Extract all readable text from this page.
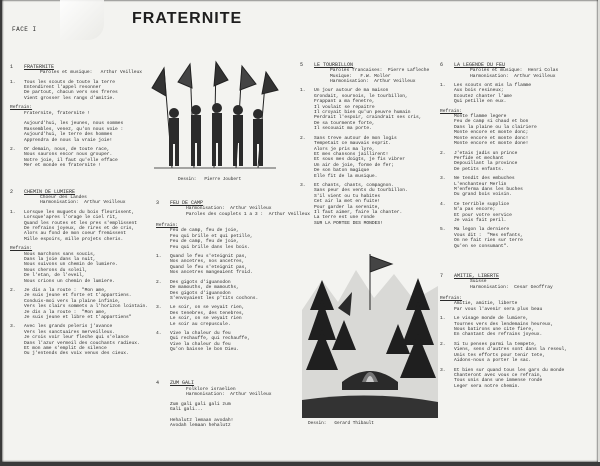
FACE I
FRATERNITE

1	FRATERNITE
Paroles et musique:   Arthur Veilleux
1.	Tous les scouts de toute la terre
Entendirent l'appel resonner
De partout, chacun vers ses freres
Vient grosser les rangs d'amitie.
Refrain:
Fraternite, fraternite !
Aujourd'hui, les jeunes, nous sommes
Rassembles, venez, qu'on nous voie :
Aujourd'hui, le terre des hommes
Apprendra de nous la vraie joie!
2.	Or demain, nous, de toute race,
Nous saurons encor nous grouper.
Notre joie, il faut qu'elle efface
Mer et monde en fraternite !

2	CHEMIN DE LUMIERE
Choeur des Landes
Harmonisation:  Arthur Veilleux
1.	Lorsque les muguets du bois fleurissent,
Lorsque'apres l'orage le ciel rit,
Quand les routes et les pres s'emplissent
De refrains joyeux, de rires et de cris,
Alors au fond de mon coeur fremissent
Mille espoirs, mille projets cheris.
Refrain:
Nous marchons sans soucis,
Dans la joie dans la nuit,
Nous suivons un chemin de lumiere.
Nous cherons du soleil,
De l'etan, de l'eveil,
Nous crions un chemin de lumiere.
2.	Je dis a la route :  "Mon ame,
Je suis jeune et forte et t'appartiens.
Conduis-moi vers la plaine infinie,
Vers les clairs sommets a l'horizon lointain.
Je dis a la route :  "Mon ame,
Je suis jeune et libre et t'appartiens"
3.	Avec les grands peleris j'avance
Vers les sanctuaires merveilleux.
Je crois voir leur fleche qui s'elance
Dans l'azur vermeil des couchants radieux.
Et mon ame s'emplit de silence
Ou j'entends des voix venus des cieux.

Dessin:   Pierre Joubert

3	FEU DE CAMP
Harmonisation:  Arthur Veilleux
Paroles des couplets 1 a 3 :  Arthur Veilleux
Refrain:
Feu de camp, feu de joie,
Feu qui brille et qui petille,
Feu de camp, feu de joie,
Feu qui brille dans les bois.
1.	Quand le feu s'eteignit pas,
Nos ancetres, nos ancetres,
Quand le feu s'eteignit pas,
Nos ancetres mangeaient froid.
2.	Des gigots d'iguanodon
De mamouths, de mamouths,
Des gigots d'iguanodon
S'envoyaient les p'tits cochons.
3.	Le soir, on se veyait rien,
Des tenebres, des tenebres,
Le soir, on se veyait rien
Le soir au crepuscule.
4.	Vive la chaleur du feu
Qui rechauffe, qui rechauffe,
Vive la chaleur du feu
Qu'on baisse le bon Dieu.

4	ZUM GALI
Folklore israelien
Harmonisation:  Arthur Veilleux
Zum gali gali gali zum
Gali gali...
Hehalutz lemaan avodah!
Avodah lemaan hehalutz

5	LE TOURBILLON
Paroles francaises:  Pierre Lafleche
Musique:   F.W. Moller
Harmonisation:  Arthur Veilleux
1.	Un jour autour de ma maison
Grondait, sournois, le tourbillon,
Frappant a ma fenetre,
Il voulait se repaitre
Il croyait bien qu'un peuvre humain
Perdrait l'espoir, craindrait ses cris,
De sa tourmente forte,
Il secouait ma porte.
2.	Sans treve autour de mon logis
Tempetait ce mauvais esprit.
Alors je pris ma lyre,
Et mes chansons jaillirent!
Et sous mes doigts, je fis vibrer
Un air de joie, forme de fer;
De son baton magique
Elle fit de la musique.
3.	Et chants, chants, compagnon.
Sans peur des vents du tourbillon.
S'il vient ou tu habites
Cet air la met en fuite!
Pour garder la serenite,
Il faut aimer, faire la chanter.
La terre est une ronde
SUR LA PORTEE DES MONDES!

Dessin:   Gerard Thibault

6	LA LEGENDE DU FEU
Paroles et musique:  Henri Colas
Harmonisation:  Arthur Veilleux
1.	Les scouts ont mis la flamme
Aux bois resineux;
Ecoutez chanter l'ame
Qui petille en eux.
Refrain:
Monte flamme legere
Feu de camp si chaud et bon
Dans la plaine ou la clairiere
Monte encore et monte donc;
Monte encore et monte donc!
Monte encore et monte done!
2.	J'etais jadis un prince
Perfide et mechant
Depouillant la province
De petits enfants.
3.	Ne tendit des embuches
L'enchanteur Merlin
M'enferma dans les buches
Du grand bois voisin.
4.	Ce terrible supplice
N'a pas encore;
Et pour votre service
Je vais fait peril.
5.	Ma legon la derniere
Vous dit :  "Mes enfants,
On ne fait rien sur terre
Qu'en se consumant".

7	AMITIE, LIBERTE
Suisse
Harmonisation:  Cesar Geoffray
Refrain:
Amitie, amitie, liberte
Par vous l'avenir sera plus beau
1.	Le visage monde de lumiere,
Tournes vers des lendemains heureux,
Nous batirons une cite fiere,
En chantant des refrains joyeux.
2.	Si tu penses parmi la tempete,
Viens, sens d'autres sont dans la reseul,
Unis tes efforts pour tenir tete,
Aidons-nous a porter le sac.
3.	Et bien sur quand tous les gars du monde
Chanteront avec vous ce refrain,
Tous unis dans une immense ronde
Leger sera notre chemin.
